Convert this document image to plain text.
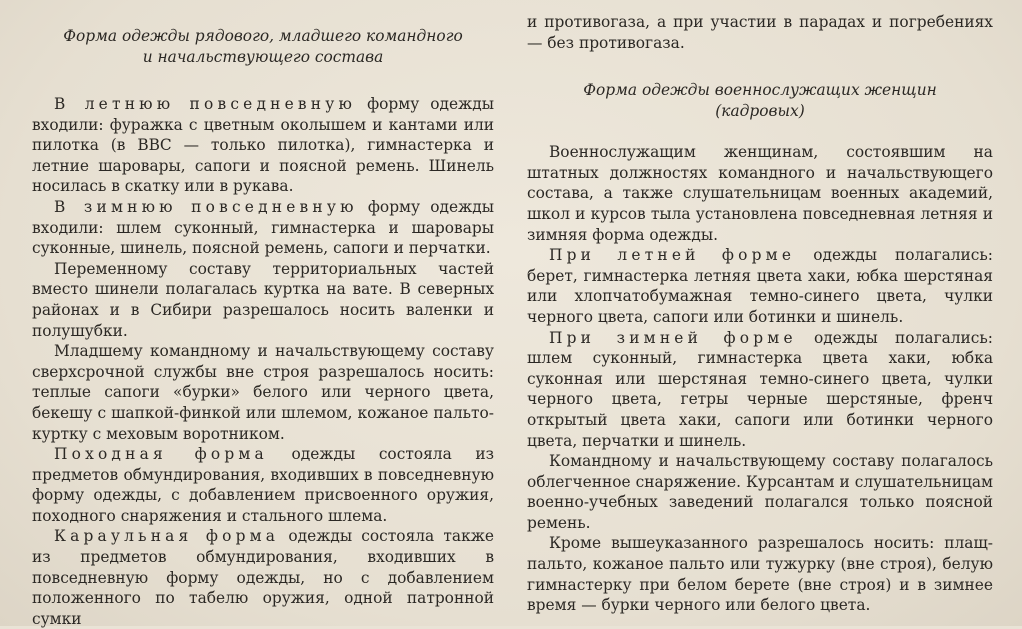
Форма одежды рядового, младшего командного
и начальствующего состава

В летнюю повседневную форму одежды входили: фуражка с цветным околышем и кантами или пилотка (в ВВС — только пилотка), гимнастерка и летние шаровары, сапоги и поясной ремень. Шинель носилась в скатку или в рукава.

В зимнюю повседневную форму одежды входили: шлем суконный, гимнастерка и шаровары суконные, шинель, поясной ремень, сапоги и перчатки.

Переменному составу территориальных частей вместо шинели полагалась куртка на вате. В северных районах и в Сибири разрешалось носить валенки и полушубки.

Младшему командному и начальствующему составу сверхсрочной службы вне строя разрешалось носить: теплые сапоги «бурки» белого или черного цвета, бекешу с шапкой-финкой или шлемом, кожаное пальто-куртку с меховым воротником.

Походная форма одежды состояла из предметов обмундирования, входивших в повседневную форму одежды, с добавлением присвоенного оружия, походного снаряжения и стального шлема.

Караульная форма одежды состояла также из предметов обмундирования, входивших в повседневную форму одежды, но с добавлением положенного по табелю оружия, одной патронной сумки

и противогаза, а при участии в парадах и погребениях — без противогаза.

Форма одежды военнослужащих женщин
(кадровых)

Военнослужащим женщинам, состоявшим на штатных должностях командного и начальствующего состава, а также слушательницам военных академий, школ и курсов тыла установлена повседневная летняя и зимняя форма одежды.

При летней форме одежды полагались: берет, гимнастерка летняя цвета хаки, юбка шерстяная или хлопчатобумажная темно-синего цвета, чулки черного цвета, сапоги или ботинки и шинель.

При зимней форме одежды полагались: шлем суконный, гимнастерка цвета хаки, юбка суконная или шерстяная темно-синего цвета, чулки черного цвета, гетры черные шерстяные, френч открытый цвета хаки, сапоги или ботинки черного цвета, перчатки и шинель.

Командному и начальствующему составу полагалось облегченное снаряжение. Курсантам и слушательницам военно-учебных заведений полагался только поясной ремень.

Кроме вышеуказанного разрешалось носить: плащ-пальто, кожаное пальто или тужурку (вне строя), белую гимнастерку при белом берете (вне строя) и в зимнее время — бурки черного или белого цвета.
